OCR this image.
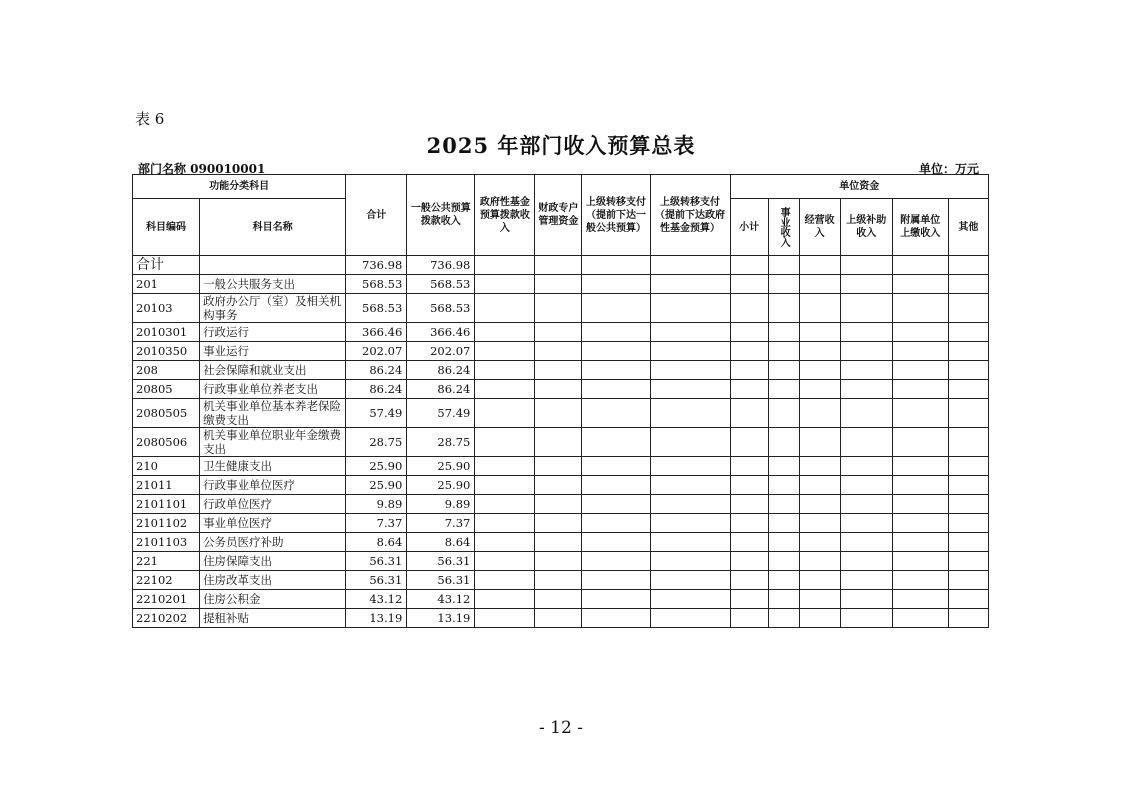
表 6
2025 年部门收入预算总表
部门名称 090010001	单位：万元
功能分类科目		合计	一般公共预算拨款收入	政府性基金预算拨款收入	财政专户管理资金	上级转移支付（提前下达一般公共预算）	上级转移支付（提前下达政府性基金预算）	单位资金					
科目编码	科目名称							小计	事业收入	经营收入	上级补助收入	附属单位上缴收入	其他
合计		736.98	736.98										
201	一般公共服务支出	568.53	568.53										
20103	政府办公厅（室）及相关机构事务	568.53	568.53										
2010301	行政运行	366.46	366.46										
2010350	事业运行	202.07	202.07										
208	社会保障和就业支出	86.24	86.24										
20805	行政事业单位养老支出	86.24	86.24										
2080505	机关事业单位基本养老保险缴费支出	57.49	57.49										
2080506	机关事业单位职业年金缴费支出	28.75	28.75										
210	卫生健康支出	25.90	25.90										
21011	行政事业单位医疗	25.90	25.90										
2101101	行政单位医疗	9.89	9.89										
2101102	事业单位医疗	7.37	7.37										
2101103	公务员医疗补助	8.64	8.64										
221	住房保障支出	56.31	56.31										
22102	住房改革支出	56.31	56.31										
2210201	住房公积金	43.12	43.12										
2210202	提租补贴	13.19	13.19										
- 12 -
